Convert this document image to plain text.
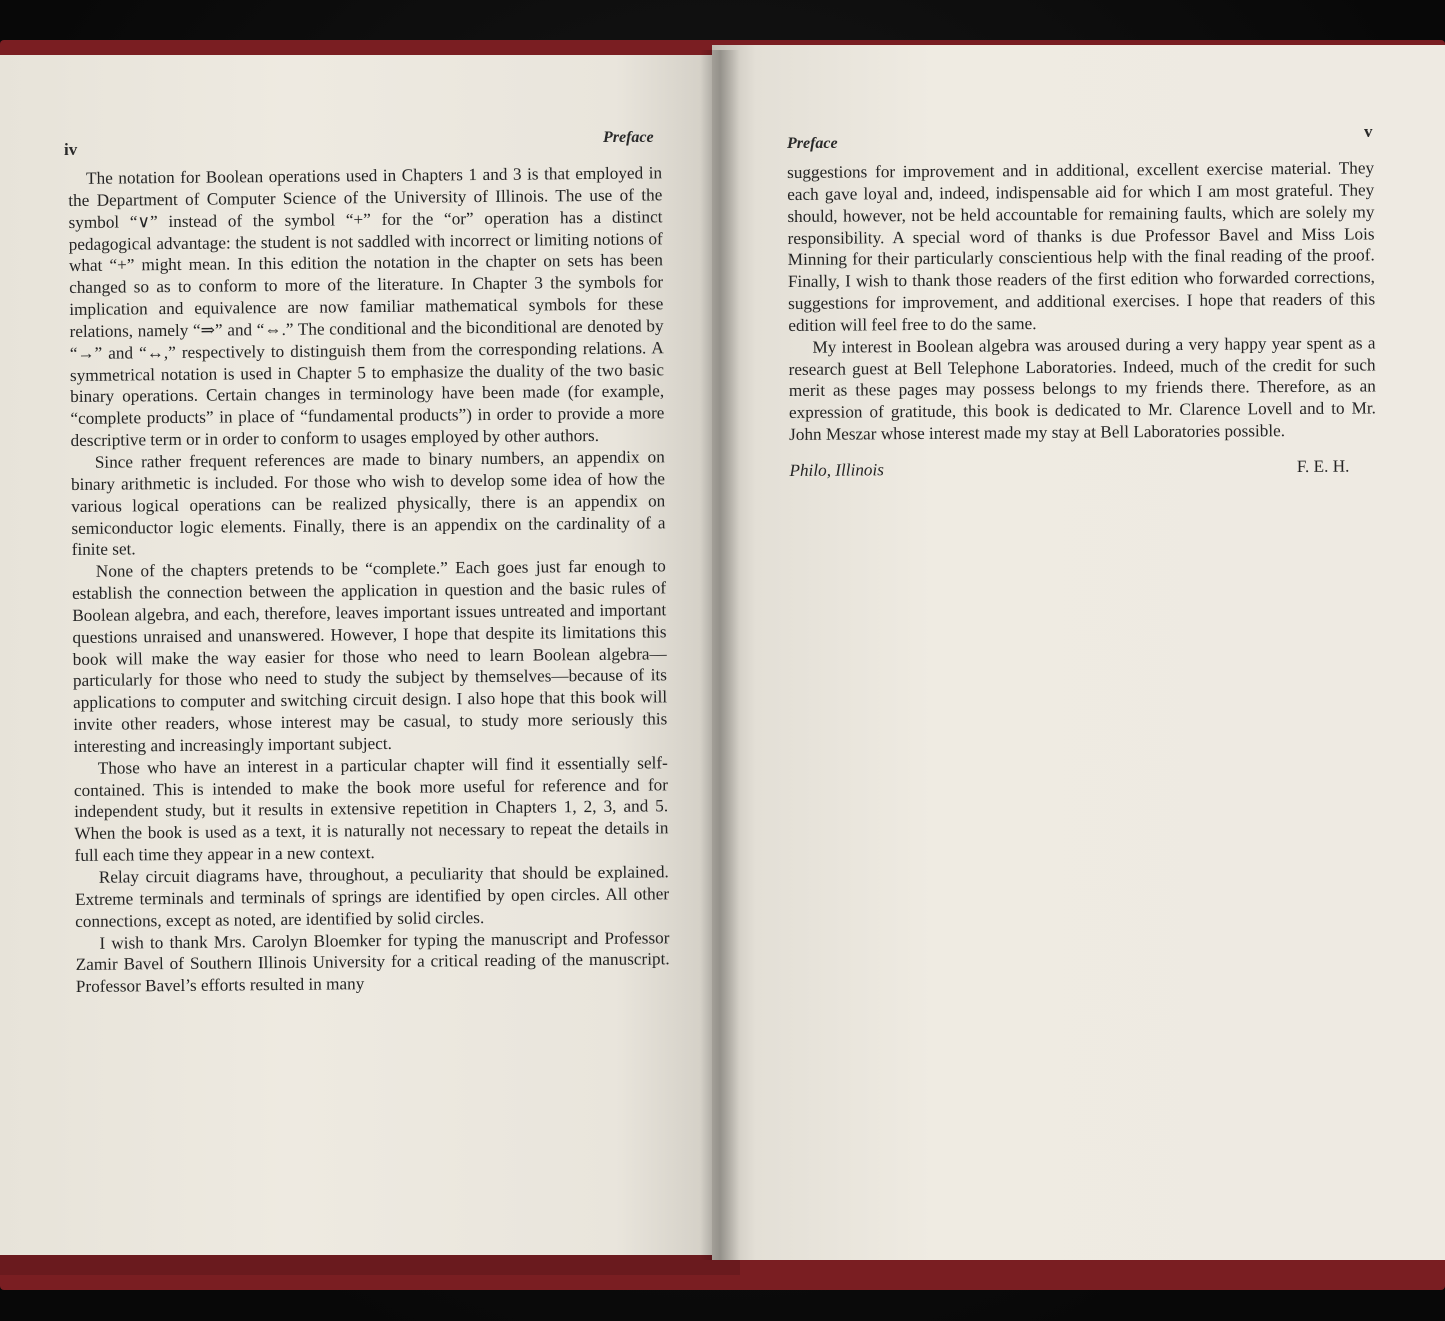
iv
Preface

The notation for Boolean operations used in Chapters 1 and 3 is that employed in the Department of Computer Science of the University of Illinois. The use of the symbol “∨” instead of the symbol “+” for the “or” operation has a distinct pedagogical advantage: the student is not saddled with incorrect or limiting notions of what “+” might mean. In this edition the notation in the chapter on sets has been changed so as to conform to more of the literature. In Chapter 3 the symbols for implication and equivalence are now familiar mathematical symbols for these relations, namely “⇒” and “⇔.” The conditional and the biconditional are denoted by “→” and “↔,” respectively to distinguish them from the corresponding relations. A symmetrical notation is used in Chapter 5 to emphasize the duality of the two basic binary operations. Certain changes in terminology have been made (for example, “complete products” in place of “fundamental products”) in order to provide a more descriptive term or in order to conform to usages employed by other authors.

Since rather frequent references are made to binary numbers, an appendix on binary arithmetic is included. For those who wish to develop some idea of how the various logical operations can be realized physically, there is an appendix on semiconductor logic elements. Finally, there is an appendix on the cardinality of a finite set.

None of the chapters pretends to be “complete.” Each goes just far enough to establish the connection between the application in question and the basic rules of Boolean algebra, and each, therefore, leaves important issues untreated and important questions unraised and unanswered. However, I hope that despite its limitations this book will make the way easier for those who need to learn Boolean algebra—particularly for those who need to study the subject by themselves—because of its applications to computer and switching circuit design. I also hope that this book will invite other readers, whose interest may be casual, to study more seriously this interesting and increasingly important subject.

Those who have an interest in a particular chapter will find it essentially self-contained. This is intended to make the book more useful for reference and for independent study, but it results in extensive repetition in Chapters 1, 2, 3, and 5. When the book is used as a text, it is naturally not necessary to repeat the details in full each time they appear in a new context.

Relay circuit diagrams have, throughout, a peculiarity that should be explained. Extreme terminals and terminals of springs are identified by open circles. All other connections, except as noted, are identified by solid circles.

I wish to thank Mrs. Carolyn Bloemker for typing the manuscript and Professor Zamir Bavel of Southern Illinois University for a critical reading of the manuscript. Professor Bavel’s efforts resulted in many

Preface
v

suggestions for improvement and in additional, excellent exercise material. They each gave loyal and, indeed, indispensable aid for which I am most grateful. They should, however, not be held accountable for remaining faults, which are solely my responsibility. A special word of thanks is due Professor Bavel and Miss Lois Minning for their particularly conscientious help with the final reading of the proof. Finally, I wish to thank those readers of the first edition who forwarded corrections, suggestions for improvement, and additional exercises. I hope that readers of this edition will feel free to do the same.

My interest in Boolean algebra was aroused during a very happy year spent as a research guest at Bell Telephone Laboratories. Indeed, much of the credit for such merit as these pages may possess belongs to my friends there. Therefore, as an expression of gratitude, this book is dedicated to Mr. Clarence Lovell and to Mr. John Meszar whose interest made my stay at Bell Laboratories possible.

Philo, Illinois	F. E. H.
